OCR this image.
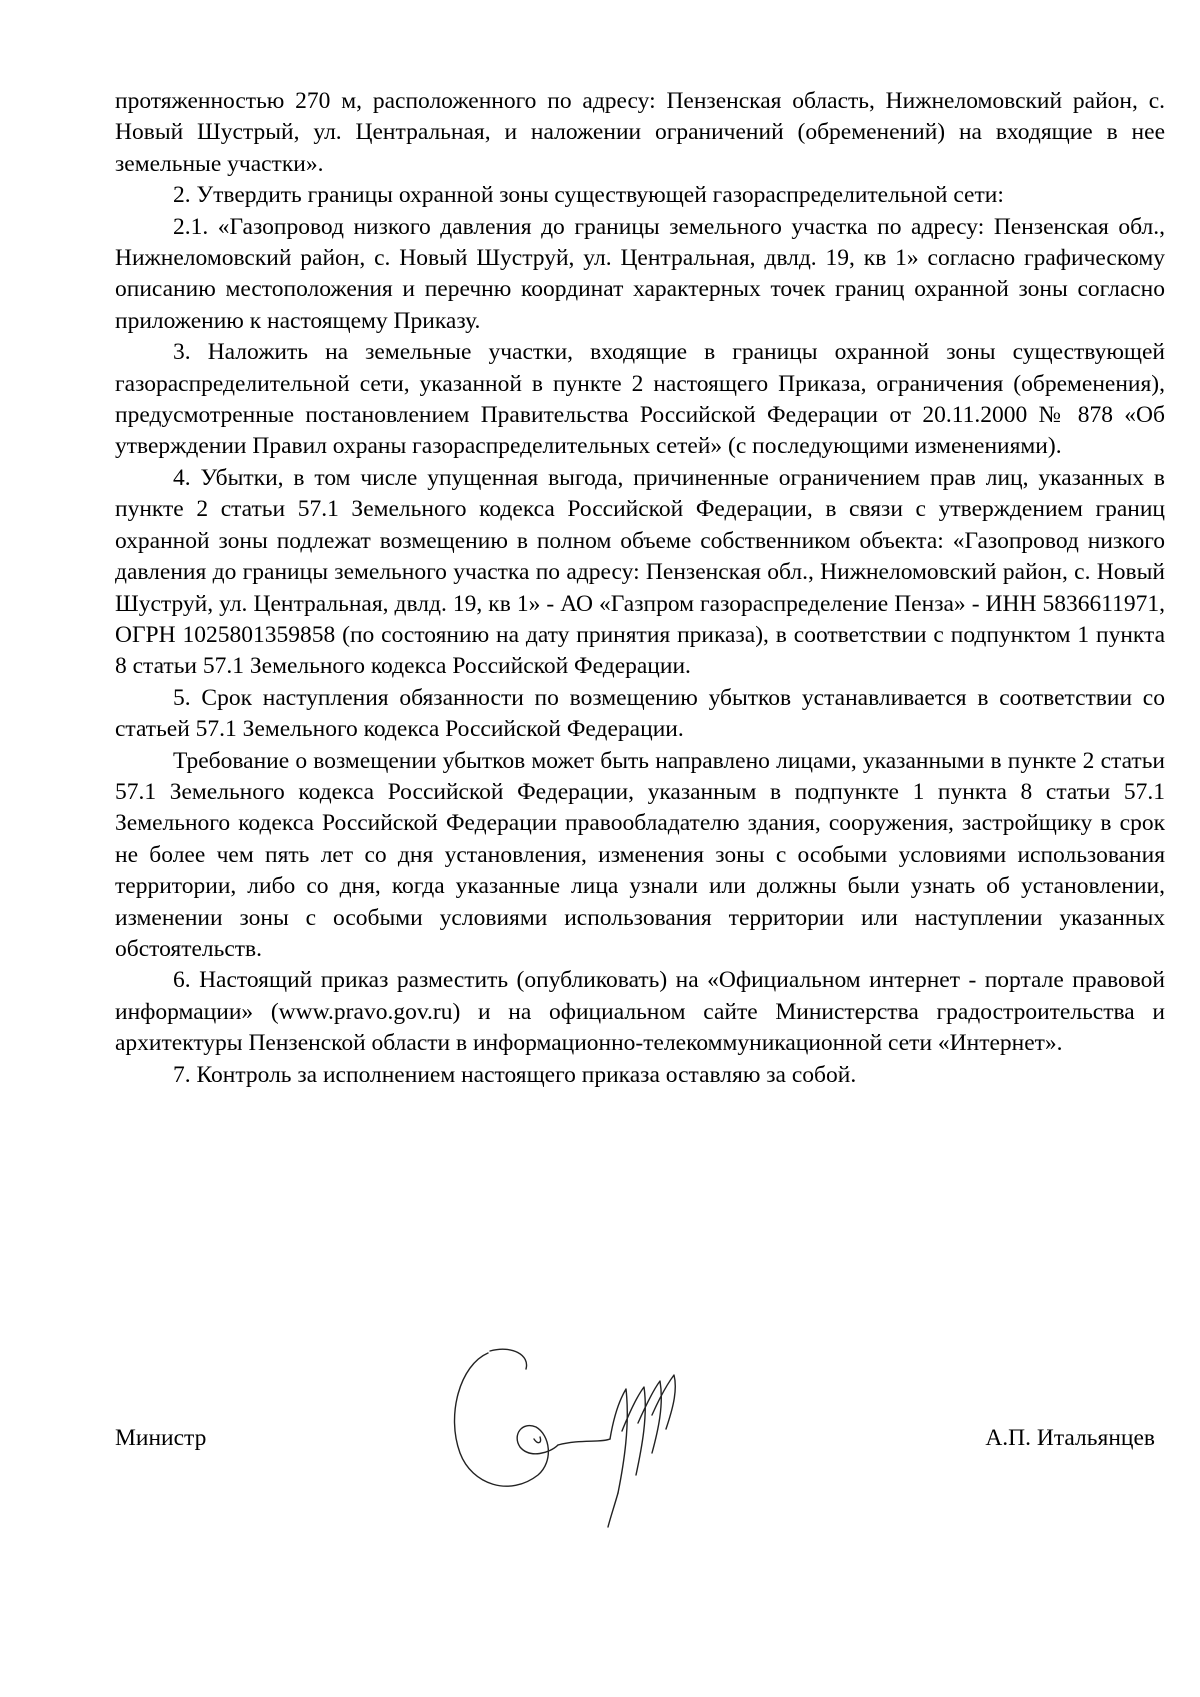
протяженностью 270 м, расположенного по адресу: Пензенская область, Нижнеломовский район, с. Новый Шустрый, ул. Центральная, и наложении ограничений (обременений) на входящие в нее земельные участки».

2. Утвердить границы охранной зоны существующей газораспределительной сети:

2.1. «Газопровод низкого давления до границы земельного участка по адресу: Пензенская обл., Нижнеломовский район, с. Новый Шуструй, ул. Центральная, двлд. 19, кв 1» согласно графическому описанию местоположения и перечню координат характерных точек границ охранной зоны согласно приложению к настоящему Приказу.

3. Наложить на земельные участки, входящие в границы охранной зоны существующей газораспределительной сети, указанной в пункте 2 настоящего Приказа, ограничения (обременения), предусмотренные постановлением Правительства Российской Федерации от 20.11.2000 № 878 «Об утверждении Правил охраны газораспределительных сетей» (с последующими изменениями).

4. Убытки, в том числе упущенная выгода, причиненные ограничением прав лиц, указанных в пункте 2 статьи 57.1 Земельного кодекса Российской Федерации, в связи с утверждением границ охранной зоны подлежат возмещению в полном объеме собственником объекта: «Газопровод низкого давления до границы земельного участка по адресу: Пензенская обл., Нижнеломовский район, с. Новый Шуструй, ул. Центральная, двлд. 19, кв 1» - АО «Газпром газораспределение Пенза» - ИНН 5836611971, ОГРН 1025801359858 (по состоянию на дату принятия приказа), в соответствии с подпунктом 1 пункта 8 статьи 57.1 Земельного кодекса Российской Федерации.

5. Срок наступления обязанности по возмещению убытков устанавливается в соответствии со статьей 57.1 Земельного кодекса Российской Федерации.

Требование о возмещении убытков может быть направлено лицами, указанными в пункте 2 статьи 57.1 Земельного кодекса Российской Федерации, указанным в подпункте 1 пункта 8 статьи 57.1 Земельного кодекса Российской Федерации правообладателю здания, сооружения, застройщику в срок не более чем пять лет со дня установления, изменения зоны с особыми условиями использования территории, либо со дня, когда указанные лица узнали или должны были узнать об установлении, изменении зоны с особыми условиями использования территории или наступлении указанных обстоятельств.

6. Настоящий приказ разместить (опубликовать) на «Официальном интернет - портале правовой информации» (www.pravo.gov.ru) и на официальном сайте Министерства градостроительства и архитектуры Пензенской области в информационно-телекоммуникационной сети «Интернет».

7. Контроль за исполнением настоящего приказа оставляю за собой.

Министр	А.П. Итальянцев
